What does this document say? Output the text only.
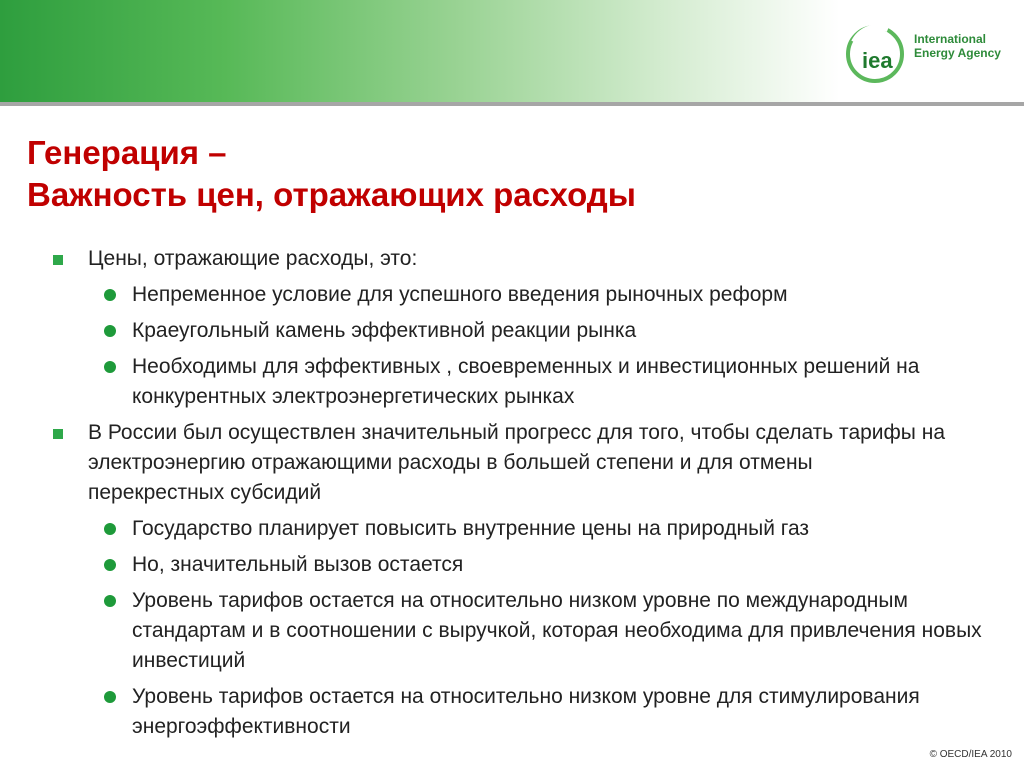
iea
International
Energy Agency
Генерация –
Важность цен, отражающих расходы
Цены, отражающие расходы, это:
Непременное условие для успешного введения рыночных реформ
Краеугольный камень эффективной реакции рынка
Необходимы для эффективных , своевременных и инвестиционных решений на конкурентных электроэнергетических рынках
В России был осуществлен значительный прогресс для того, чтобы сделать тарифы на электроэнергию отражающими расходы в большей степени и для отмены перекрестных субсидий
Государство планирует повысить внутренние цены на природный газ
Но, значительный вызов остается
Уровень тарифов остается на относительно низком уровне по международным стандартам и в соотношении с выручкой, которая необходима для привлечения новых инвестиций
Уровень тарифов остается на относительно низком уровне для стимулирования энергоэффективности
© OECD/IEA 2010
